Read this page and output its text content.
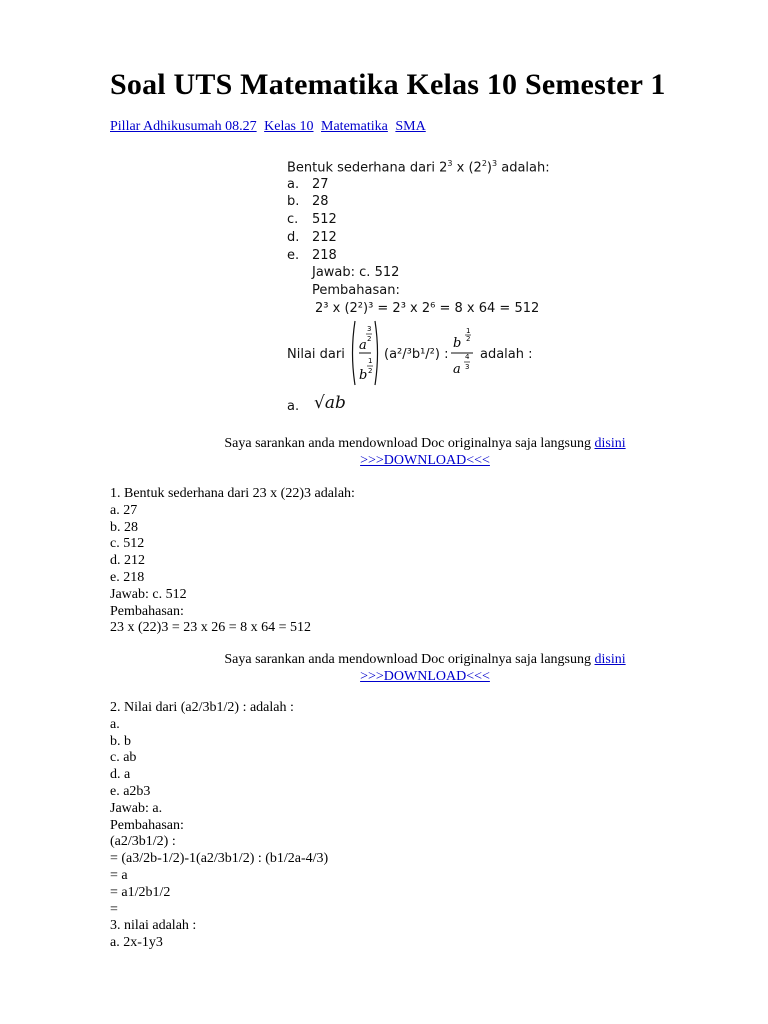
Soal UTS Matematika Kelas 10 Semester 1
Pillar Adhikusumah 08.27 Kelas 10 Matematika SMA
Bentuk sederhana dari $2^3$ x $(2^2)^3$ adalah:
a. 27
b. 28
c. 512
d. 212
e. 218
Jawab: c. 512
Pembahasan:
2³ x (2²)³ = 2³ x 2⁶ = 8 x 64 = 512
Nilai dari
a
3
2
b
1
2
(a²/³b¹/²) :
b
1
2
a
4
3
adalah :
a. √ab
Saya sarankan anda mendownload Doc originalnya saja langsung disini
>>>DOWNLOAD<<<
1. Bentuk sederhana dari 23 x (22)3 adalah:
a. 27
b. 28
c. 512
d. 212
e. 218
Jawab: c. 512
Pembahasan:
23 x (22)3 = 23 x 26 = 8 x 64 = 512
Saya sarankan anda mendownload Doc originalnya saja langsung disini
>>>DOWNLOAD<<<
2. Nilai dari (a2/3b1/2) : adalah :
a.
b. b
c. ab
d. a
e. a2b3
Jawab: a.
Pembahasan:
(a2/3b1/2) :
= (a3/2b-1/2)-1(a2/3b1/2) : (b1/2a-4/3)
= a
= a1/2b1/2
=
3. nilai adalah :
a. 2x-1y3
